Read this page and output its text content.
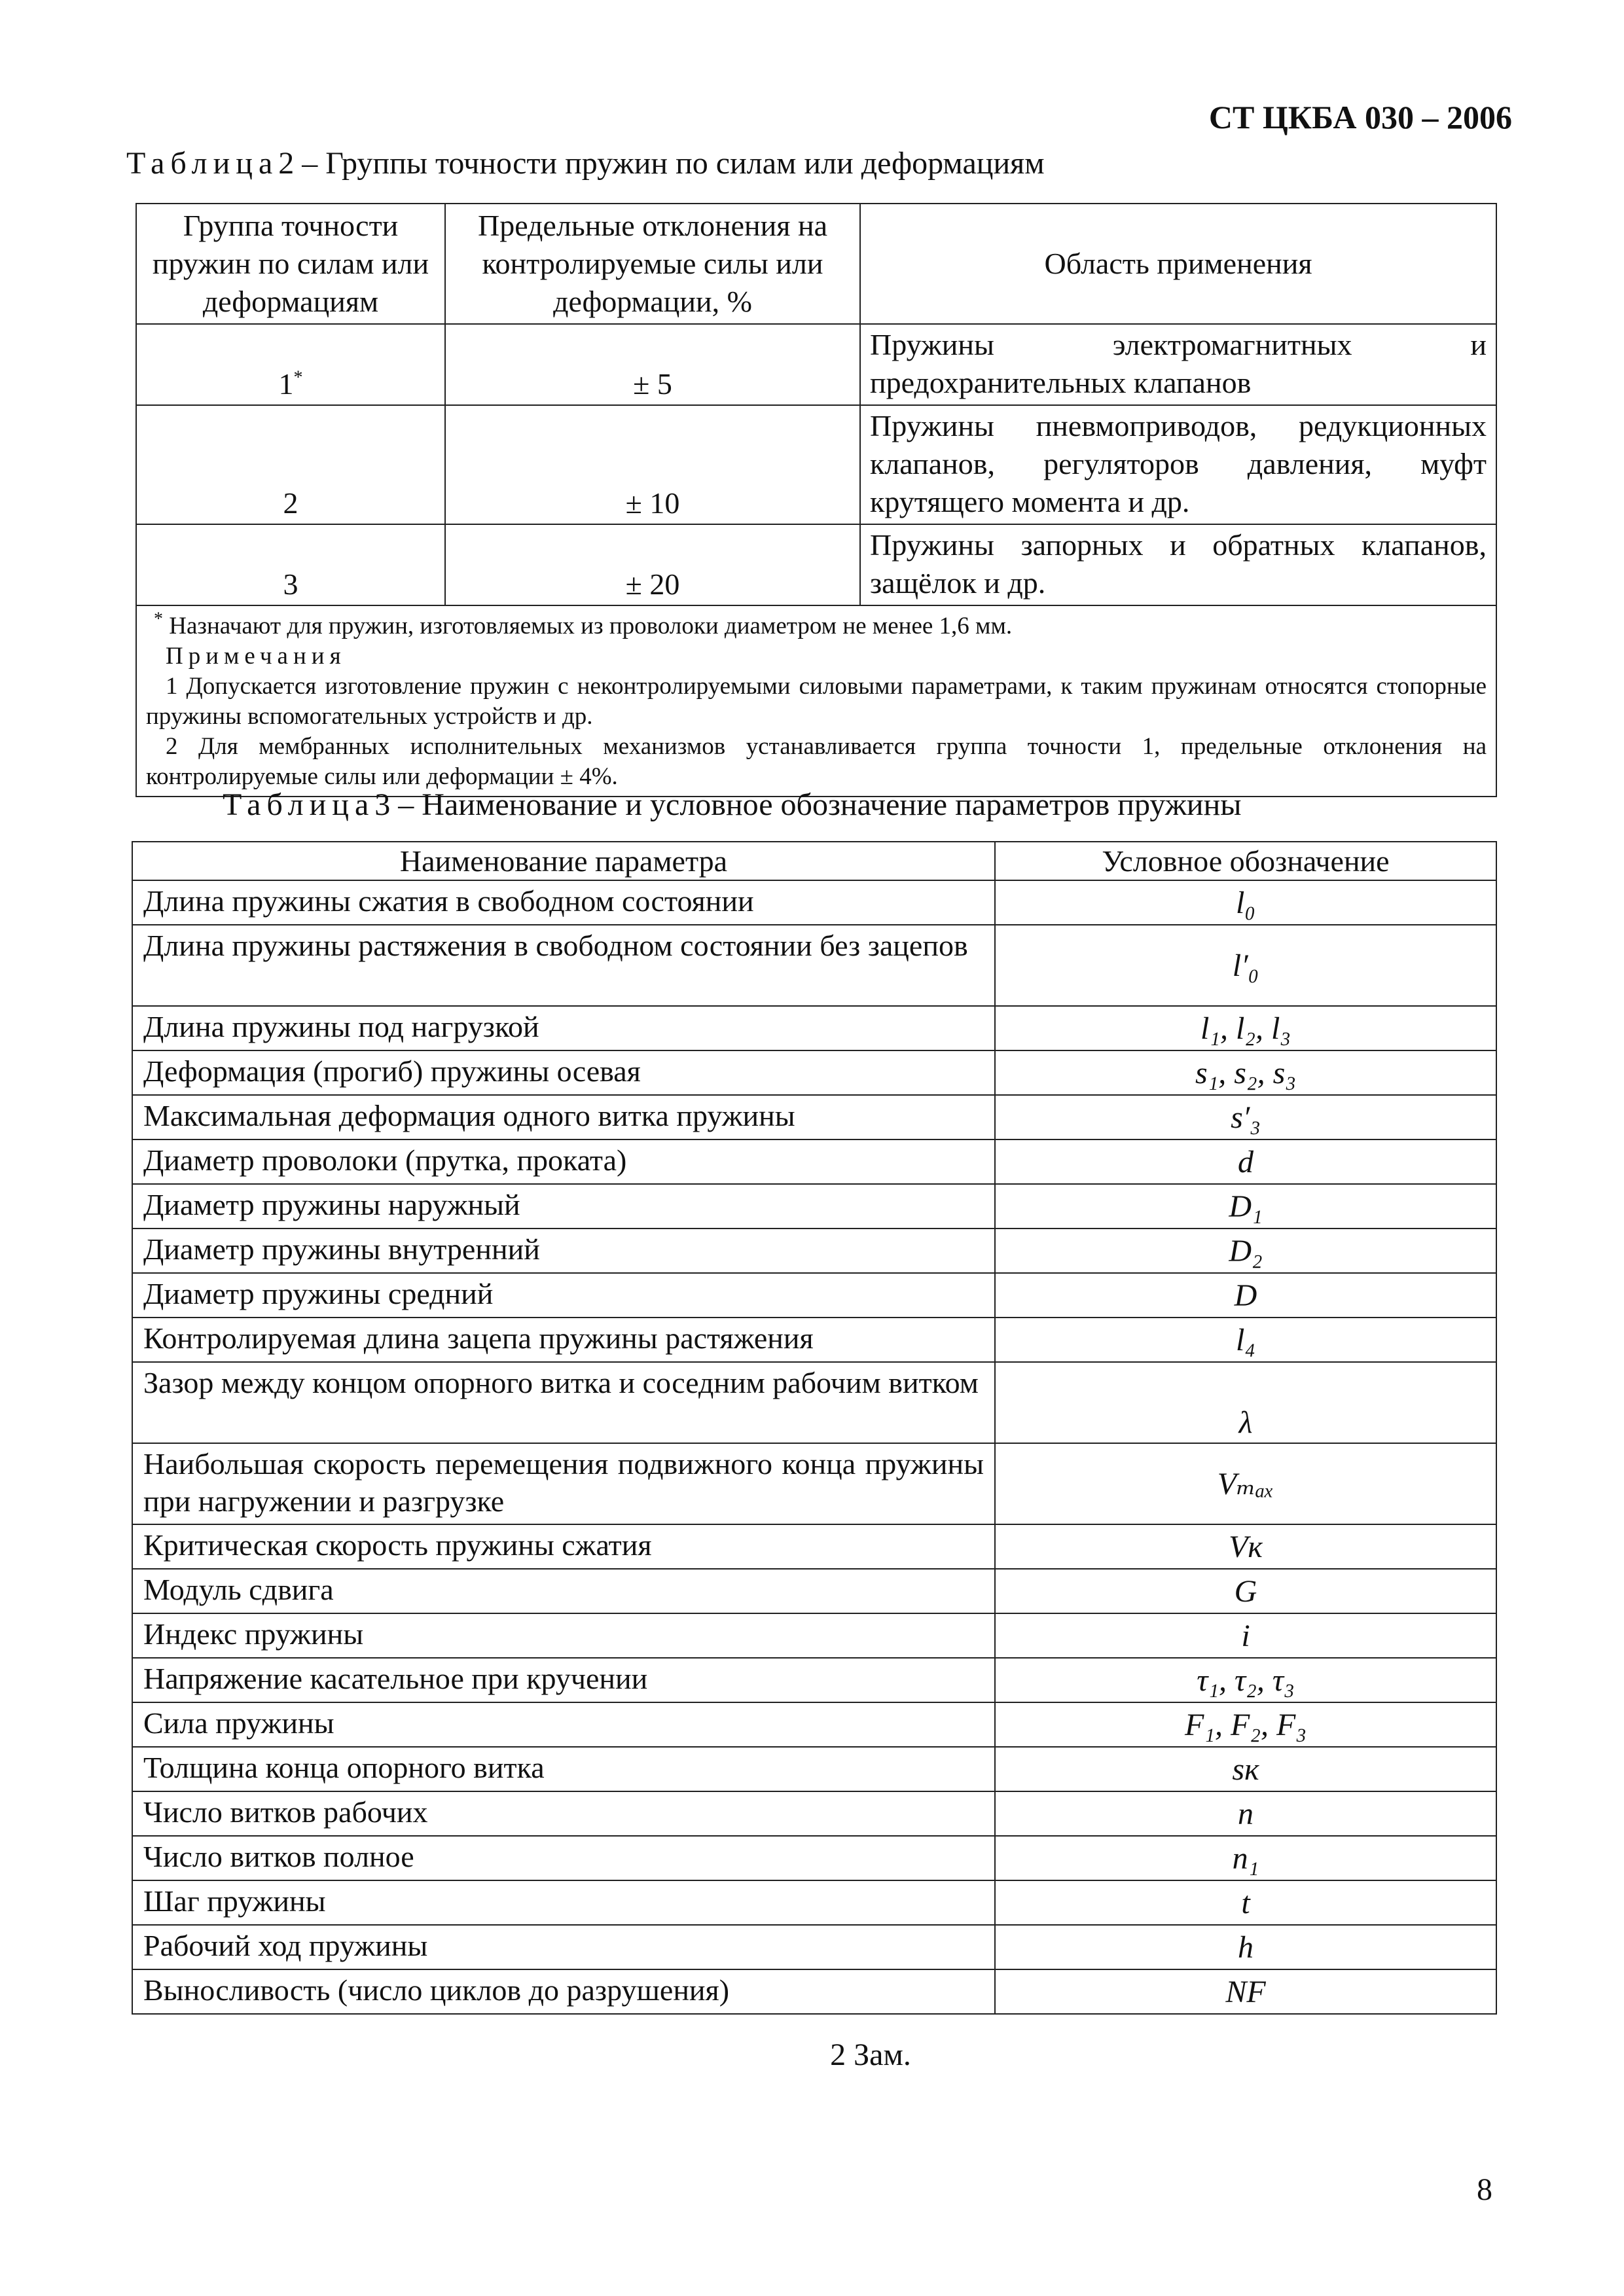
СТ ЦКБА 030 – 2006
Таблица2 – Группы точности пружин по силам или деформациям
Группа точности пружин по силам или деформациям	Предельные отклонения на контролируемые силы или деформации, %	Область применения
1*	± 5	Пружины электромагнитных и предохранительных клапанов
2	± 10	Пружины пневмоприводов, редукционных клапанов, регуляторов давления, муфт крутящего момента и др.
3	± 20	Пружины запорных и обратных клапанов, защёлок и др.

* Назначают для пружин, изготовляемых из проволоки диаметром не менее 1,6 мм.
Примечания
1 Допускается изготовление пружин с неконтролируемыми силовыми параметрами, к таким пружинам относятся стопорные пружины вспомогательных устройств и др.
2 Для мембранных исполнительных механизмов устанавливается группа точности 1, предельные отклонения на контролируемые силы или деформации ± 4%.		
Таблица3 – Наименование и условное обозначение параметров пружины
Наименование параметра	Условное обозначение
Длина пружины сжатия в свободном состоянии	l₀
Длина пружины растяжения в свободном состоянии без зацепов	l′₀
Длина пружины под нагрузкой	l₁, l₂, l₃
Деформация (прогиб) пружины осевая	s₁, s₂, s₃
Максимальная деформация одного витка пружины	s′₃
Диаметр проволоки (прутка, проката)	d
Диаметр пружины наружный	D₁
Диаметр пружины внутренний	D₂
Диаметр пружины средний	D
Контролируемая длина зацепа пружины растяжения	l₄
Зазор между концом опорного витка и соседним рабочим витком	λ
Наибольшая скорость перемещения подвижного конца пружины при нагружении и разгрузке	Vₘₐₓ
Критическая скорость пружины сжатия	Vк
Модуль сдвига	G
Индекс пружины	i
Напряжение касательное при кручении	τ₁, τ₂, τ₃
Сила пружины	F₁, F₂, F₃
Толщина конца опорного витка	sк
Число витков рабочих	n
Число витков полное	n₁
Шаг пружины	t
Рабочий ход пружины	h
Выносливость (число циклов до разрушения)	NF
2 Зам.
8
